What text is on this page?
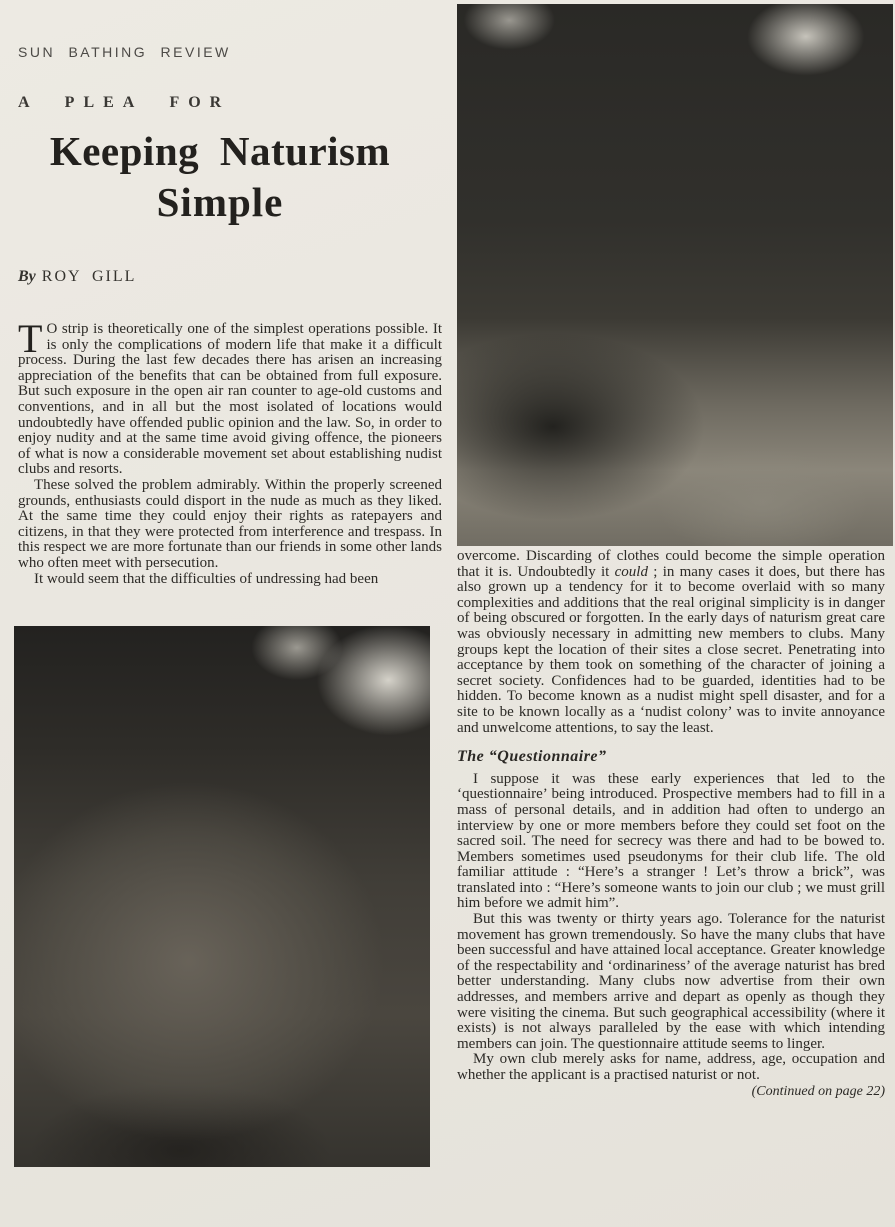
SUN BATHING REVIEW
A PLEA FOR
Keeping Naturism
Simple
By ROY GILL

T O strip is theoretically one of the simplest operations possible. It is only the complications of modern life that make it a difficult process. During the last few decades there has arisen an increasing appreciation of the benefits that can be obtained from full exposure. But such exposure in the open air ran counter to age-old customs and conventions, and in all but the most isolated of locations would undoubtedly have offended public opinion and the law. So, in order to enjoy nudity and at the same time avoid giving offence, the pioneers of what is now a considerable movement set about establishing nudist clubs and resorts.

These solved the problem admirably. Within the properly screened grounds, enthusiasts could disport in the nude as much as they liked. At the same time they could enjoy their rights as ratepayers and citizens, in that they were protected from interference and trespass. In this respect we are more fortunate than our friends in some other lands who often meet with persecution.

It would seem that the difficulties of undressing had been

overcome. Discarding of clothes could become the simple operation that it is. Undoubtedly it could ; in many cases it does, but there has also grown up a tendency for it to become overlaid with so many complexities and additions that the real original simplicity is in danger of being obscured or forgotten. In the early days of naturism great care was obviously necessary in admitting new members to clubs. Many groups kept the location of their sites a close secret. Penetrating into acceptance by them took on something of the character of joining a secret society. Confidences had to be guarded, identities had to be hidden. To become known as a nudist might spell disaster, and for a site to be known locally as a ‘nudist colony’ was to invite annoyance and unwelcome attentions, to say the least.

The “Questionnaire”

I suppose it was these early experiences that led to the ‘questionnaire’ being introduced. Prospective members had to fill in a mass of personal details, and in addition had often to undergo an interview by one or more members before they could set foot on the sacred soil. The need for secrecy was there and had to be bowed to. Members sometimes used pseudonyms for their club life. The old familiar attitude : “Here’s a stranger ! Let’s throw a brick”, was translated into : “Here’s someone wants to join our club ; we must grill him before we admit him”.

But this was twenty or thirty years ago. Tolerance for the naturist movement has grown tremendously. So have the many clubs that have been successful and have attained local acceptance. Greater knowledge of the respectability and ‘ordinariness’ of the average naturist has bred better understanding. Many clubs now advertise from their own addresses, and members arrive and depart as openly as though they were visiting the cinema. But such geographical accessibility (where it exists) is not always paralleled by the ease with which intending members can join. The questionnaire attitude seems to linger.

My own club merely asks for name, address, age, occupation and whether the applicant is a practised naturist or not.

(Continued on page 22)
